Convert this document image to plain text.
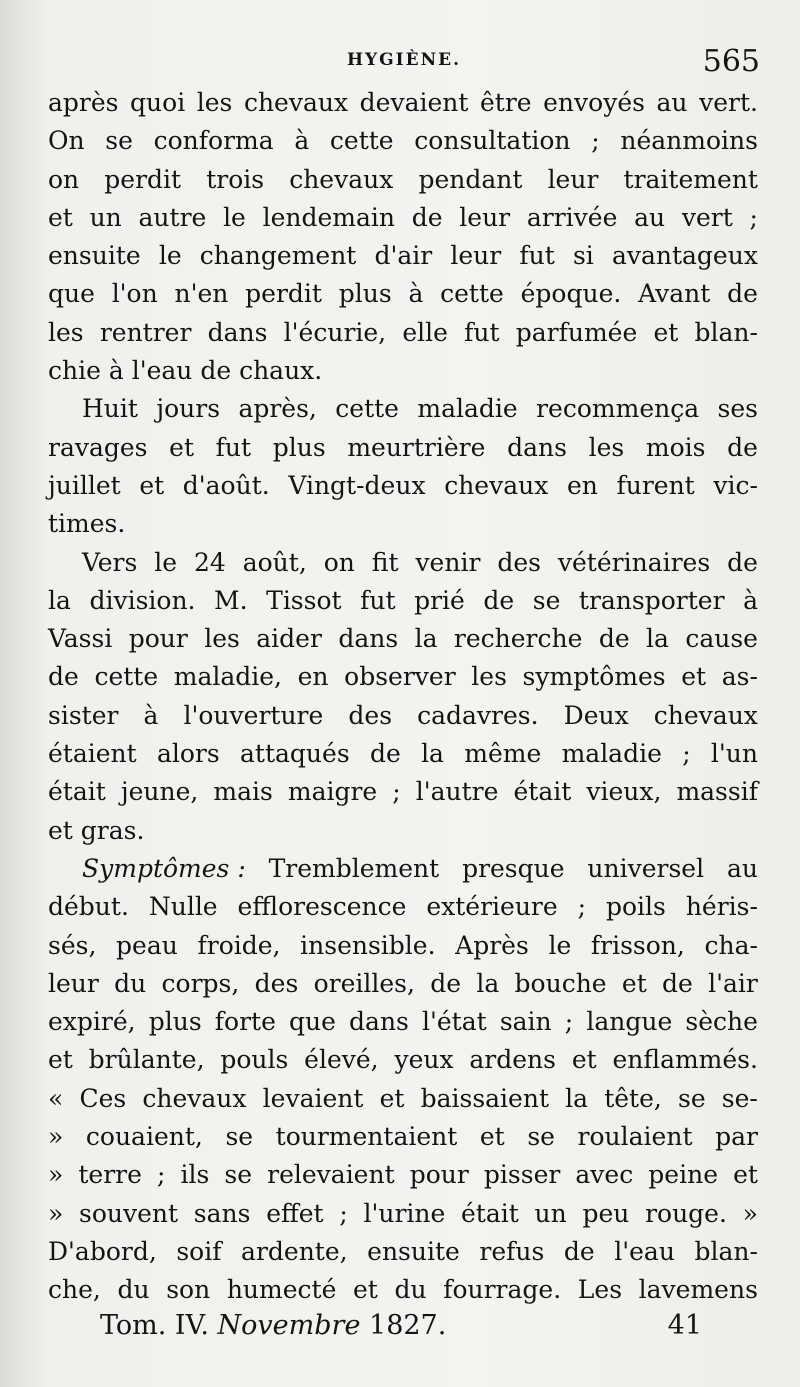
HYGIÈNE.	565
après quoi les chevaux devaient être envoyés au vert.
On se conforma à cette consultation ; néanmoins
on perdit trois chevaux pendant leur traitement
et un autre le lendemain de leur arrivée au vert ;
ensuite le changement d'air leur fut si avantageux
que l'on n'en perdit plus à cette époque. Avant de
les rentrer dans l'écurie, elle fut parfumée et blan-
chie à l'eau de chaux.
Huit jours après, cette maladie recommença ses
ravages et fut plus meurtrière dans les mois de
juillet et d'août. Vingt-deux chevaux en furent vic-
times.
Vers le 24 août, on fit venir des vétérinaires de
la division. M. Tissot fut prié de se transporter à
Vassi pour les aider dans la recherche de la cause
de cette maladie, en observer les symptômes et as-
sister à l'ouverture des cadavres. Deux chevaux
étaient alors attaqués de la même maladie ; l'un
était jeune, mais maigre ; l'autre était vieux, massif
et gras.
Symptômes : Tremblement presque universel au
début. Nulle efflorescence extérieure ; poils héris-
sés, peau froide, insensible. Après le frisson, cha-
leur du corps, des oreilles, de la bouche et de l'air
expiré, plus forte que dans l'état sain ; langue sèche
et brûlante, pouls élevé, yeux ardens et enflammés.
« Ces chevaux levaient et baissaient la tête, se se-
» couaient, se tourmentaient et se roulaient par
» terre ; ils se relevaient pour pisser avec peine et
» souvent sans effet ; l'urine était un peu rouge. »
D'abord, soif ardente, ensuite refus de l'eau blan-
che, du son humecté et du fourrage. Les lavemens
Tom. IV. Novembre 1827.	41
